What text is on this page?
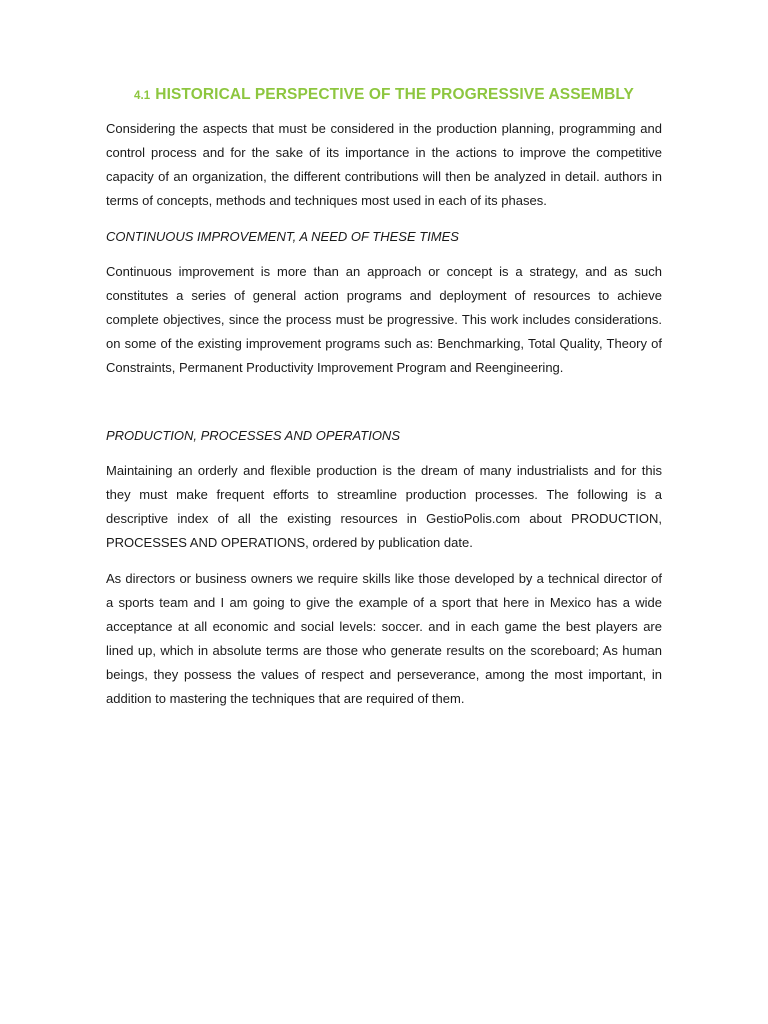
4.1 HISTORICAL PERSPECTIVE OF THE PROGRESSIVE ASSEMBLY

Considering the aspects that must be considered in the production planning, programming and control process and for the sake of its importance in the actions to improve the competitive capacity of an organization, the different contributions will then be analyzed in detail. authors in terms of concepts, methods and techniques most used in each of its phases.

CONTINUOUS IMPROVEMENT, A NEED OF THESE TIMES

Continuous improvement is more than an approach or concept is a strategy, and as such constitutes a series of general action programs and deployment of resources to achieve complete objectives, since the process must be progressive. This work includes considerations. on some of the existing improvement programs such as: Benchmarking, Total Quality, Theory of Constraints, Permanent Productivity Improvement Program and Reengineering.

PRODUCTION, PROCESSES AND OPERATIONS

Maintaining an orderly and flexible production is the dream of many industrialists and for this they must make frequent efforts to streamline production processes. The following is a descriptive index of all the existing resources in GestioPolis.com about PRODUCTION, PROCESSES AND OPERATIONS, ordered by publication date.

As directors or business owners we require skills like those developed by a technical director of a sports team and I am going to give the example of a sport that here in Mexico has a wide acceptance at all economic and social levels: soccer. and in each game the best players are lined up, which in absolute terms are those who generate results on the scoreboard; As human beings, they possess the values of respect and perseverance, among the most important, in addition to mastering the techniques that are required of them.
